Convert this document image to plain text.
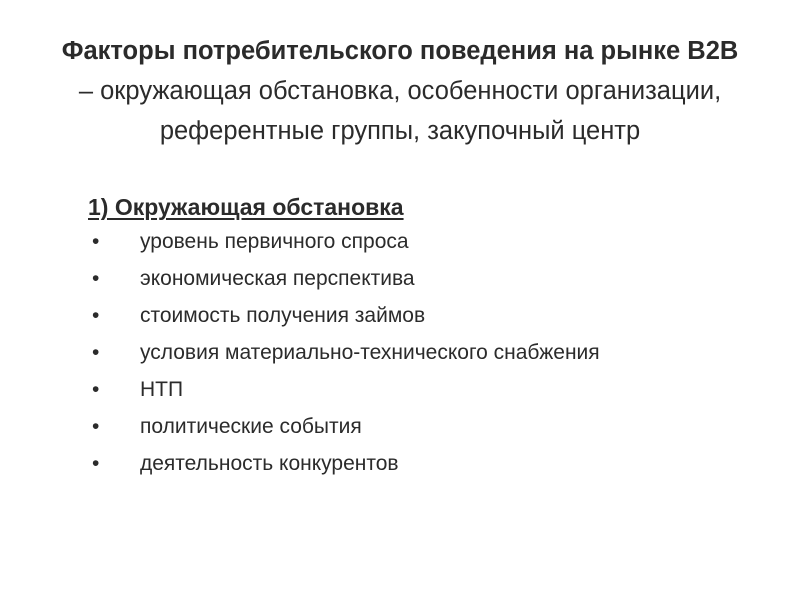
Факторы потребительского поведения на рынке B2B
– окружающая обстановка, особенности организации,
референтные группы, закупочный центр
1) Окружающая обстановка
• уровень первичного спроса
• экономическая перспектива
• стоимость получения займов
• условия материально-технического снабжения
• НТП
• политические события
• деятельность конкурентов
